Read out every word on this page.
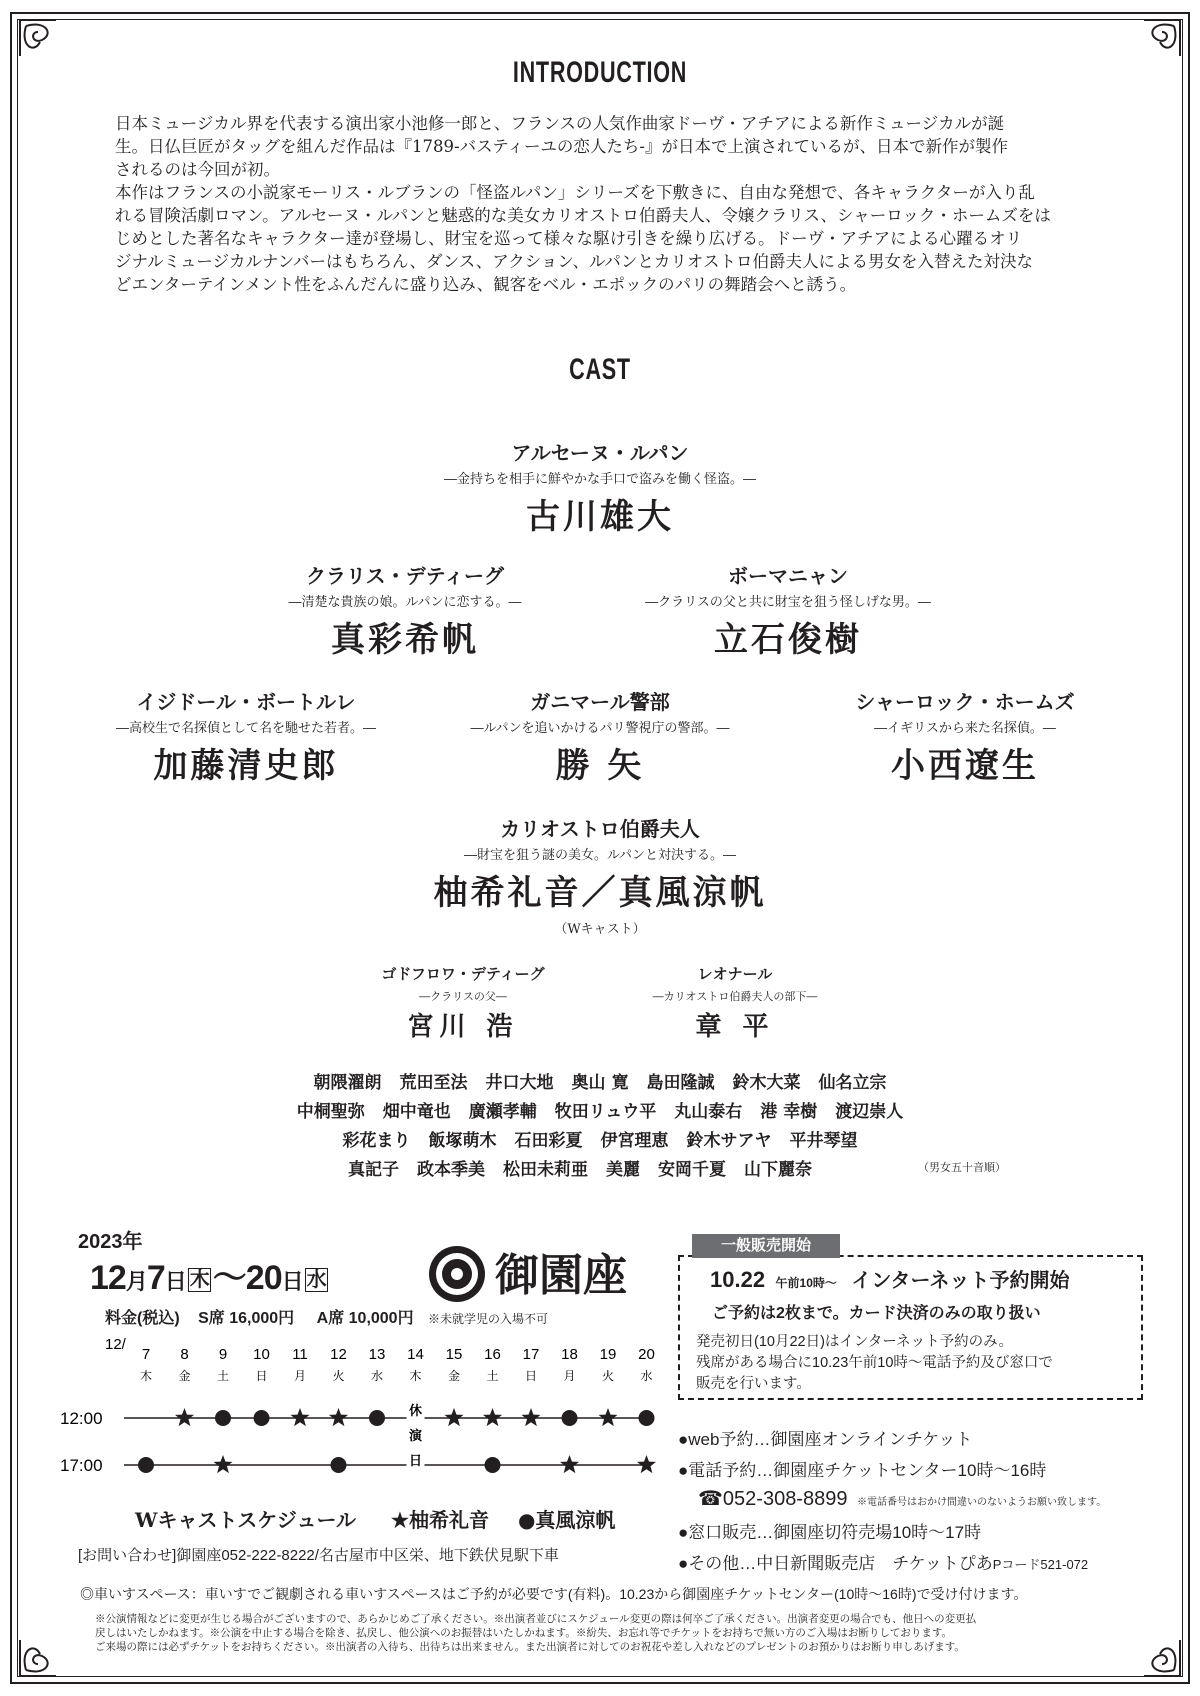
INTRODUCTION

日本ミュージカル界を代表する演出家小池修一郎と、フランスの人気作曲家ドーヴ・アチアによる新作ミュージカルが誕

生。日仏巨匠がタッグを組んだ作品は『1789-バスティーユの恋人たち-』が日本で上演されているが、日本で新作が製作

されるのは今回が初。

本作はフランスの小説家モーリス・ルブランの「怪盗ルパン」シリーズを下敷きに、自由な発想で、各キャラクターが入り乱

れる冒険活劇ロマン。アルセーヌ・ルパンと魅惑的な美女カリオストロ伯爵夫人、令嬢クラリス、シャーロック・ホームズをは

じめとした著名なキャラクター達が登場し、財宝を巡って様々な駆け引きを繰り広げる。ドーヴ・アチアによる心躍るオリ

ジナルミュージカルナンバーはもちろん、ダンス、アクション、ルパンとカリオストロ伯爵夫人による男女を入替えた対決な

どエンターテインメント性をふんだんに盛り込み、観客をベル・エポックのパリの舞踏会へと誘う。

CAST
アルセーヌ・ルパン
―金持ちを相手に鮮やかな手口で盗みを働く怪盗。―
古川雄大
クラリス・デティーグ
―清楚な貴族の娘。ルパンに恋する。―
真彩希帆
ボーマニャン
―クラリスの父と共に財宝を狙う怪しげな男。―
立石俊樹
イジドール・ボートルレ
―高校生で名探偵として名を馳せた若者。―
加藤清史郎
ガニマール警部
―ルパンを追いかけるパリ警視庁の警部。―
勝 矢
シャーロック・ホームズ
―イギリスから来た名探偵。―
小西遼生
カリオストロ伯爵夫人
―財宝を狙う謎の美女。ルパンと対決する。―
柚希礼音／真風涼帆
（Wキャスト）
ゴドフロワ・デティーグ
―クラリスの父―
宮川 浩
レオナール
―カリオストロ伯爵夫人の部下―
章 平
朝隈濯朗 荒田至法 井口大地 奥山 寛 島田隆誠 鈴木大菜 仙名立宗
中桐聖弥 畑中竜也 廣瀬孝輔 牧田リュウ平 丸山泰右 港 幸樹 渡辺崇人
彩花まり 飯塚萌木 石田彩夏 伊宮理恵 鈴木サアヤ 平井琴望
真記子 政本季美 松田未莉亜 美麗 安岡千夏 山下麗奈	（男女五十音順）
2023年
12月7日 木 〜20日 水
料金(税込) S席 16,000円 A席 10,000円 ※未就学児の入場不可
御園座
12/
12:00
17:00
7
木
8
金
9
土
10
日
11
月
12
火
13
水
14
木
休
演
日
15
金
16
土
17
日
18
月
19
火
20
水
Wキャストスケジュール ★柚希礼音 ●真風涼帆
[お問い合わせ]御園座052-222-8222/名古屋市中区栄、地下鉄伏見駅下車
一般販売開始
10.22 午前10時〜 インターネット予約開始
ご予約は2枚まで。カード決済のみの取り扱い
発売初日(10月22日)はインターネット予約のみ。
残席がある場合に10.23午前10時〜電話予約及び窓口で
販売を行います。
●web予約…御園座オンラインチケット
●電話予約…御園座チケットセンター10時〜16時
☎052-308-8899 ※電話番号はおかけ間違いのないようお願い致します。
●窓口販売…御園座切符売場10時〜17時
●その他…中日新聞販売店　チケットぴあPコード521-072
◎車いすスペース：車いすでご観劇される車いすスペースはご予約が必要です(有料)。10.23から御園座チケットセンター(10時〜16時)で受け付けます。
※公演情報などに変更が生じる場合がございますので、あらかじめご了承ください。※出演者並びにスケジュール変更の際は何卒ご了承ください。出演者変更の場合でも、他日への変更払
戻しはいたしかねます。※公演を中止する場合を除き、払戻し、他公演へのお振替はいたしかねます。※紛失、お忘れ等でチケットをお持ちで無い方のご入場はお断りしております。
ご来場の際には必ずチケットをお持ちください。※出演者の入待ち、出待ちは出来ません。また出演者に対してのお祝花や差し入れなどのプレゼントのお預かりはお断り申しあげます。
